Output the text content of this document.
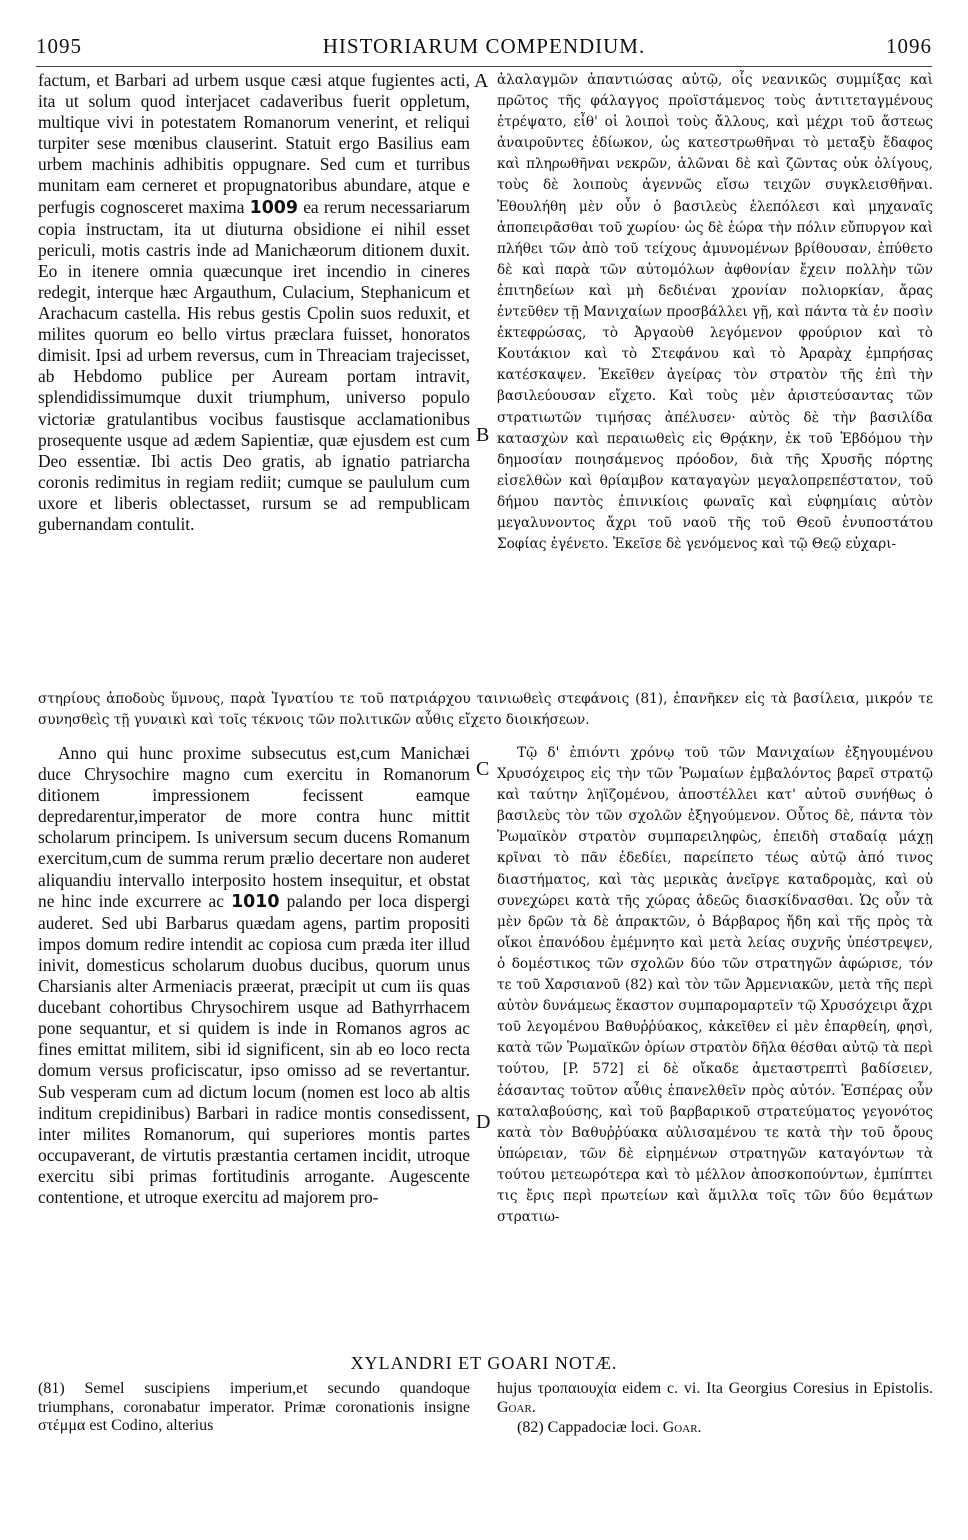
1095	HISTORIARUM COMPENDIUM.	1096

factum, et Barbari ad urbem usque cæsi atque fugientes acti, ita ut solum quod interjacet cadaveribus fuerit oppletum, multique vivi in potestatem Romanorum venerint, et reliqui turpiter sese mœnibus clauserint. Statuit ergo Basilius eam urbem machinis adhibitis oppugnare. Sed cum et turribus munitam eam cerneret et propugnatoribus abundare, atque e perfugis cognosceret maxima 1009 ea rerum necessariarum copia instructam, ita ut diuturna obsidione ei nihil esset periculi, motis castris inde ad Manichæorum ditionem duxit. Eo in itenere omnia quæcunque iret incendio in cineres redegit, interque hæc Argauthum, Culacium, Stephanicum et Arachacum castella. His rebus gestis Cpolin suos reduxit, et milites quorum eo bello virtus præclara fuisset, honoratos dimisit. Ipsi ad urbem reversus, cum in Threaciam trajecisset, ab Hebdomo publice per Auream portam intravit, splendidissimumque duxit triumphum, universo populo victoriæ gratulantibus vocibus faustisque acclamationibus prosequente usque ad ædem Sapientiæ, quæ ejusdem est cum Deo essentiæ. Ibi actis Deo gratis, ab ignatio patriarcha coronis redimitus in regiam rediit; cumque se paululum cum uxore et liberis oblectasset, rursum se ad rempublicam gubernandam contulit.

ἀλαλαγμῶν ἀπαντιώσας αὐτῷ, οἷς νεανικῶς συμμίξας καὶ πρῶτος τῆς φάλαγγος προϊστάμενος τοὺς ἀντιτεταγμένους ἐτρέψατο, εἶθ' οἱ λοιποὶ τοὺς ἄλλους, καὶ μέχρι τοῦ ἄστεως ἀναιροῦντες ἐδίωκον, ὡς κατεστρωθῆναι τὸ μεταξὺ ἔδαφος καὶ πληρωθῆναι νεκρῶν, ἁλῶναι δὲ καὶ ζῶντας οὐκ ὀλίγους, τοὺς δὲ λοιποὺς ἀγεννῶς εἴσω τειχῶν συγκλεισθῆναι. Ἐθουλήθη μὲν οὖν ὁ βασιλεὺς ἑλεπόλεσι καὶ μηχαναῖς ἀποπειρᾶσθαι τοῦ χωρίου· ὡς δὲ ἑώρα τὴν πόλιν εὔπυργον καὶ πλήθει τῶν ἀπὸ τοῦ τείχους ἀμυνομένων βρίθουσαν, ἐπύθετο δὲ καὶ παρὰ τῶν αὐτομόλων ἀφθονίαν ἔχειν πολλὴν τῶν ἐπιτηδείων καὶ μὴ δεδιέναι χρονίαν πολιορκίαν, ἄρας ἐντεῦθεν τῇ Μανιχαίων προσβάλλει γῇ, καὶ πάντα τὰ ἐν ποσὶν ἐκτεφρώσας, τὸ Ἀργαοὺθ λεγόμενον φρούριον καὶ τὸ Κουτάκιον καὶ τὸ Στεφάνου καὶ τὸ Ἀραρὰχ ἐμπρήσας κατέσκαψεν. Ἐκεῖθεν ἀγείρας τὸν στρατὸν τῆς ἐπὶ τὴν βασιλεύουσαν εἴχετο. Καὶ τοὺς μὲν ἀριστεύσαντας τῶν στρατιωτῶν τιμήσας ἀπέλυσεν· αὐτὸς δὲ τὴν βασιλίδα κατασχὼν καὶ περαιωθεὶς εἰς Θρᾴκην, ἐκ τοῦ Ἑβδόμου τὴν δημοσίαν ποιησάμενος πρόοδον, διὰ τῆς Χρυσῆς πόρτης εἰσελθὼν καὶ θρίαμβον καταγαγὼν μεγαλοπρεπέστατον, τοῦ δήμου παντὸς ἐπινικίοις φωναῖς καὶ εὐφημίαις αὐτὸν μεγαλυνοντος ἄχρι τοῦ ναοῦ τῆς τοῦ Θεοῦ ἐνυποστάτου Σοφίας ἐγένετο. Ἐκεῖσε δὲ γενόμενος καὶ τῷ Θεῷ εὐχαρι-

στηρίους ἀποδοὺς ὕμνους, παρὰ Ἰγνατίου τε τοῦ πατριάρχου ταινιωθεὶς στεφάνοις (81), ἐπανῆκεν εἰς τὰ βασίλεια, μικρόν τε συνησθεὶς τῇ γυναικὶ καὶ τοῖς τέκνοις τῶν πολιτικῶν αὖθις εἴχετο διοικήσεων.

Anno qui hunc proxime subsecutus est,cum Manichæi duce Chrysochire magno cum exercitu in Romanorum ditionem impressionem fecissent eamque depredarentur,imperator de more contra hunc mittit scholarum principem. Is universum secum ducens Romanum exercitum,cum de summa rerum prælio decertare non auderet aliquandiu intervallo interposito hostem insequitur, et obstat ne hinc inde excurrere ac 1010 palando per loca dispergi auderet. Sed ubi Barbarus quædam agens, partim propositi impos domum redire intendit ac copiosa cum præda iter illud inivit, domesticus scholarum duobus ducibus, quorum unus Charsianis alter Armeniacis præerat, præcipit ut cum iis quas ducebant cohortibus Chrysochirem usque ad Bathyrrhacem pone sequantur, et si quidem is inde in Romanos agros ac fines emittat militem, sibi id significent, sin ab eo loco recta domum versus proficiscatur, ipso omisso ad se revertantur. Sub vesperam cum ad dictum locum (nomen est loco ab altis inditum crepidinibus) Barbari in radice montis consedissent, inter milites Romanorum, qui superiores montis partes occupaverant, de virtutis præstantia certamen incidit, utroque exercitu sibi primas fortitudinis arrogante. Augescente contentione, et utroque exercitu ad majorem pro-

Τῷ δ' ἐπιόντι χρόνῳ τοῦ τῶν Μανιχαίων ἐξηγουμένου Χρυσόχειρος εἰς τὴν τῶν Ῥωμαίων ἐμβαλόντος βαρεῖ στρατῷ καὶ ταύτην ληϊζομένου, ἀποστέλλει κατ' αὐτοῦ συνήθως ὁ βασιλεὺς τὸν τῶν σχολῶν ἐξηγούμενον. Οὗτος δὲ, πάντα τὸν Ῥωμαϊκὸν στρατὸν συμπαρειληφὼς, ἐπειδὴ σταδαίᾳ μάχῃ κρῖναι τὸ πᾶν ἐδεδίει, παρείπετο τέως αὐτῷ ἀπό τινος διαστήματος, καὶ τὰς μερικὰς ἀνεῖργε καταδρομὰς, καὶ οὐ συνεχώρει κατὰ τῆς χώρας ἀδεῶς διασκίδνασθαι. Ὡς οὖν τὰ μὲν δρῶν τὰ δὲ ἀπρακτῶν, ὁ Βάρβαρος ἤδη καὶ τῆς πρὸς τὰ οἴκοι ἐπανόδου ἐμέμνητο καὶ μετὰ λείας συχνῆς ὑπέστρεψεν, ὁ δομέστικος τῶν σχολῶν δύο τῶν στρατηγῶν ἀφώρισε, τόν τε τοῦ Χαρσιανοῦ (82) καὶ τὸν τῶν Ἀρμενιακῶν, μετὰ τῆς περὶ αὐτὸν δυνάμεως ἕκαστον συμπαρομαρτεῖν τῷ Χρυσόχειρι ἄχρι τοῦ λεγομένου Βαθυῤῥύακος, κἀκεῖθεν εἰ μὲν ἐπαρθείη, φησὶ, κατὰ τῶν Ῥωμαϊκῶν ὁρίων στρατὸν δῆλα θέσθαι αὐτῷ τὰ περὶ τούτου, [P. 572] εἰ δὲ οἴκαδε ἀμεταστρεπτὶ βαδίσειεν, ἐάσαντας τοῦτον αὖθις ἐπανελθεῖν πρὸς αὐτόν. Ἑσπέρας οὖν καταλαβούσης, καὶ τοῦ βαρβαρικοῦ στρατεύματος γεγονότος κατὰ τὸν Βαθυῤῥύακα αὐλισαμένου τε κατὰ τὴν τοῦ ὄρους ὑπώρειαν, τῶν δὲ εἰρημένων στρατηγῶν καταγόντων τὰ τούτου μετεωρότερα καὶ τὸ μέλλον ἀποσκοπούντων, ἐμπίπτει τις ἔρις περὶ πρωτείων καὶ ἅμιλλα τοῖς τῶν δύο θεμάτων στρατιω-

A
B
C
D
XYLANDRI ET GOARI NOTÆ.

(81) Semel suscipiens imperium,et secundo quandoque triumphans, coronabatur imperator. Primæ coronationis insigne στέμμα est Codino, alterius

hujus τροπαιουχία eidem c. vi. Ita Georgius Coresius in Epistolis. Goar.

(82) Cappadociæ loci. Goar.
